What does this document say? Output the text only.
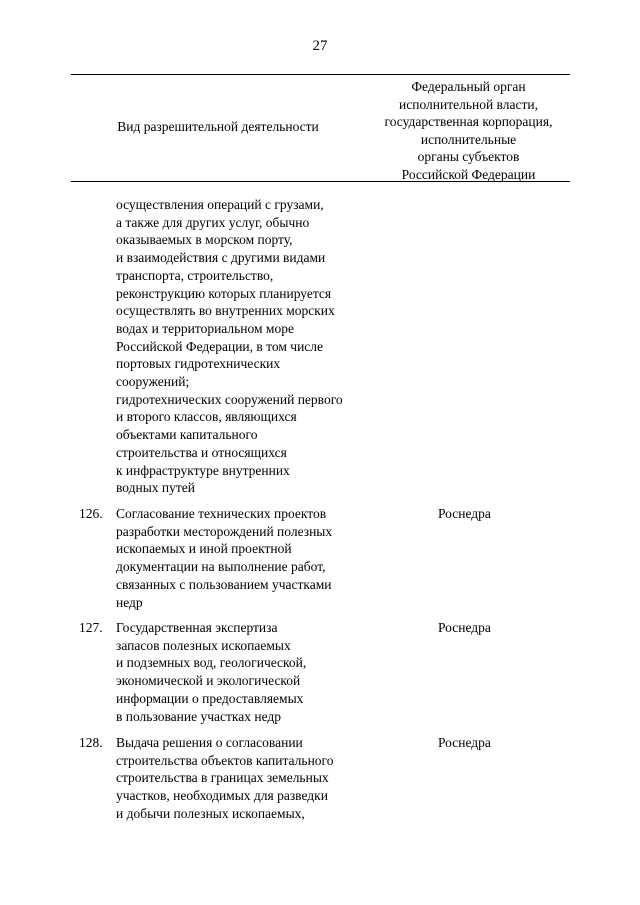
27
Вид разрешительной деятельности
Федеральный орган
исполнительной власти,
государственная корпорация,
исполнительные
органы субъектов
Российской Федерации
осуществления операций с грузами,
а также для других услуг, обычно
оказываемых в морском порту,
и взаимодействия с другими видами
транспорта, строительство,
реконструкцию которых планируется
осуществлять во внутренних морских
водах и территориальном море
Российской Федерации, в том числе
портовых гидротехнических
сооружений;
гидротехнических сооружений первого
и второго классов, являющихся
объектами капитального
строительства и относящихся
к инфраструктуре внутренних
водных путей
126. Согласование технических проектов
разработки месторождений полезных
ископаемых и иной проектной
документации на выполнение работ,
связанных с пользованием участками
недр
Роснедра
127. Государственная экспертиза
запасов полезных ископаемых
и подземных вод, геологической,
экономической и экологической
информации о предоставляемых
в пользование участках недр
Роснедра
128. Выдача решения о согласовании
строительства объектов капитального
строительства в границах земельных
участков, необходимых для разведки
и добычи полезных ископаемых,
Роснедра
